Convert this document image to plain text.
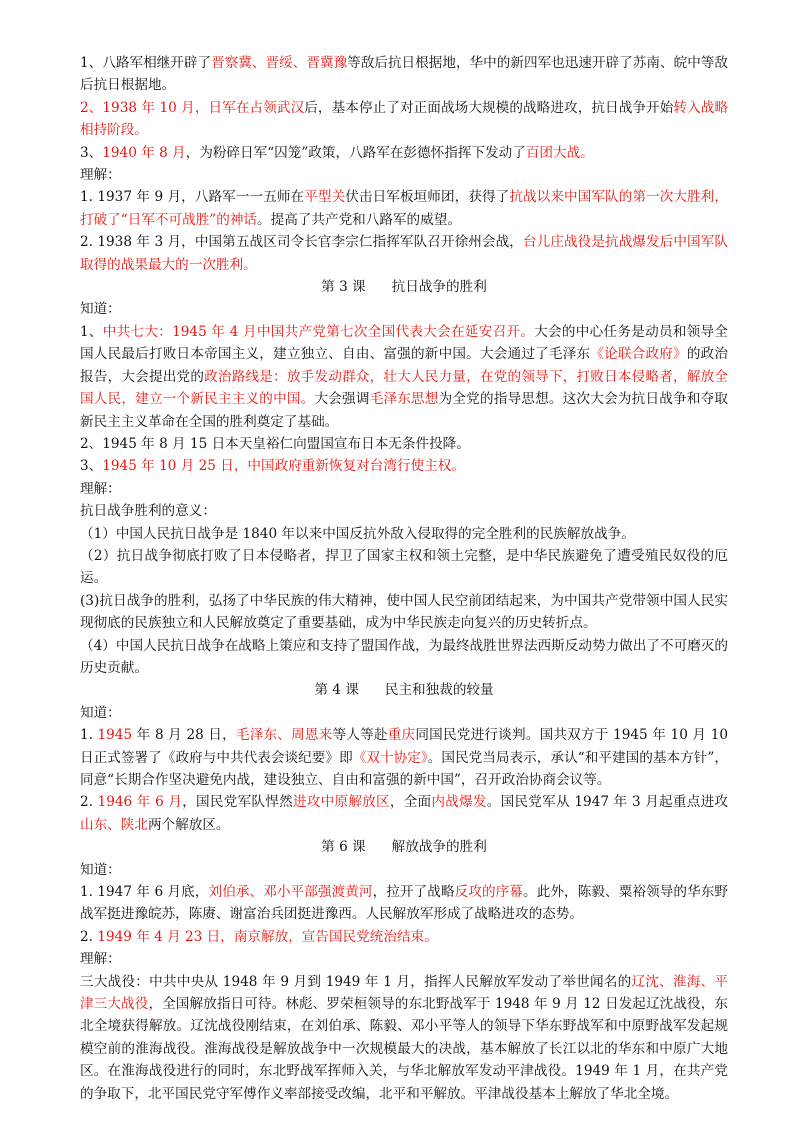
1、八路军相继开辟了晋察冀、晋绥、晋冀豫等敌后抗日根据地，华中的新四军也迅速开辟了苏南、皖中等敌后抗日根据地。

2、1938 年 10 月，日军在占领武汉后，基本停止了对正面战场大规模的战略进攻，抗日战争开始转入战略相持阶段。

3、1940 年 8 月，为粉碎日军“囚笼”政策，八路军在彭德怀指挥下发动了百团大战。

理解：

1. 1937 年 9 月，八路军一一五师在平型关伏击日军板垣师团，获得了抗战以来中国军队的第一次大胜利，打破了“日军不可战胜”的神话。提高了共产党和八路军的威望。

2. 1938 年 3 月，中国第五战区司令长官李宗仁指挥军队召开徐州会战，台儿庄战役是抗战爆发后中国军队取得的战果最大的一次胜利。

第 3 课 抗日战争的胜利

知道：

1、中共七大：1945 年 4 月中国共产党第七次全国代表大会在延安召开。大会的中心任务是动员和领导全国人民最后打败日本帝国主义，建立独立、自由、富强的新中国。大会通过了毛泽东《论联合政府》的政治报告，大会提出党的政治路线是：放手发动群众，壮大人民力量，在党的领导下，打败日本侵略者，解放全国人民，建立一个新民主主义的中国。大会强调毛泽东思想为全党的指导思想。这次大会为抗日战争和夺取新民主主义革命在全国的胜利奠定了基础。

2、1945 年 8 月 15 日本天皇裕仁向盟国宣布日本无条件投降。

3、1945 年 10 月 25 日，中国政府重新恢复对台湾行使主权。

理解：

抗日战争胜利的意义：

（1）中国人民抗日战争是 1840 年以来中国反抗外敌入侵取得的完全胜利的民族解放战争。

（2）抗日战争彻底打败了日本侵略者，捍卫了国家主权和领土完整，是中华民族避免了遭受殖民奴役的厄运。

(3)抗日战争的胜利，弘扬了中华民族的伟大精神，使中国人民空前团结起来，为中国共产党带领中国人民实现彻底的民族独立和人民解放奠定了重要基础，成为中华民族走向复兴的历史转折点。

（4）中国人民抗日战争在战略上策应和支持了盟国作战，为最终战胜世界法西斯反动势力做出了不可磨灭的历史贡献。

第 4 课 民主和独裁的较量

知道：

1. 1945 年 8 月 28 日，毛泽东、周恩来等人等赴重庆同国民党进行谈判。国共双方于 1945 年 10 月 10 日正式签署了《政府与中共代表会谈纪要》即《双十协定》。国民党当局表示，承认“和平建国的基本方针”，同意“长期合作坚决避免内战，建设独立、自由和富强的新中国”，召开政治协商会议等。

2. 1946 年 6 月，国民党军队悍然进攻中原解放区，全面内战爆发。国民党军从 1947 年 3 月起重点进攻山东、陕北两个解放区。

第 6 课 解放战争的胜利

知道：

1. 1947 年 6 月底，刘伯承、邓小平部强渡黄河，拉开了战略反攻的序幕。此外，陈毅、粟裕领导的华东野战军挺进豫皖苏，陈赓、谢富治兵团挺进豫西。人民解放军形成了战略进攻的态势。

2. 1949 年 4 月 23 日，南京解放，宣告国民党统治结束。

理解：

三大战役：中共中央从 1948 年 9 月到 1949 年 1 月，指挥人民解放军发动了举世闻名的辽沈、淮海、平津三大战役，全国解放指日可待。林彪、罗荣桓领导的东北野战军于 1948 年 9 月 12 日发起辽沈战役，东北全境获得解放。辽沈战役刚结束，在刘伯承、陈毅、邓小平等人的领导下华东野战军和中原野战军发起规模空前的淮海战役。淮海战役是解放战争中一次规模最大的决战，基本解放了长江以北的华东和中原广大地区。在淮海战役进行的同时，东北野战军挥师入关，与华北解放军发动平津战役。1949 年 1 月，在共产党的争取下，北平国民党守军傅作义率部接受改编，北平和平解放。平津战役基本上解放了华北全境。
